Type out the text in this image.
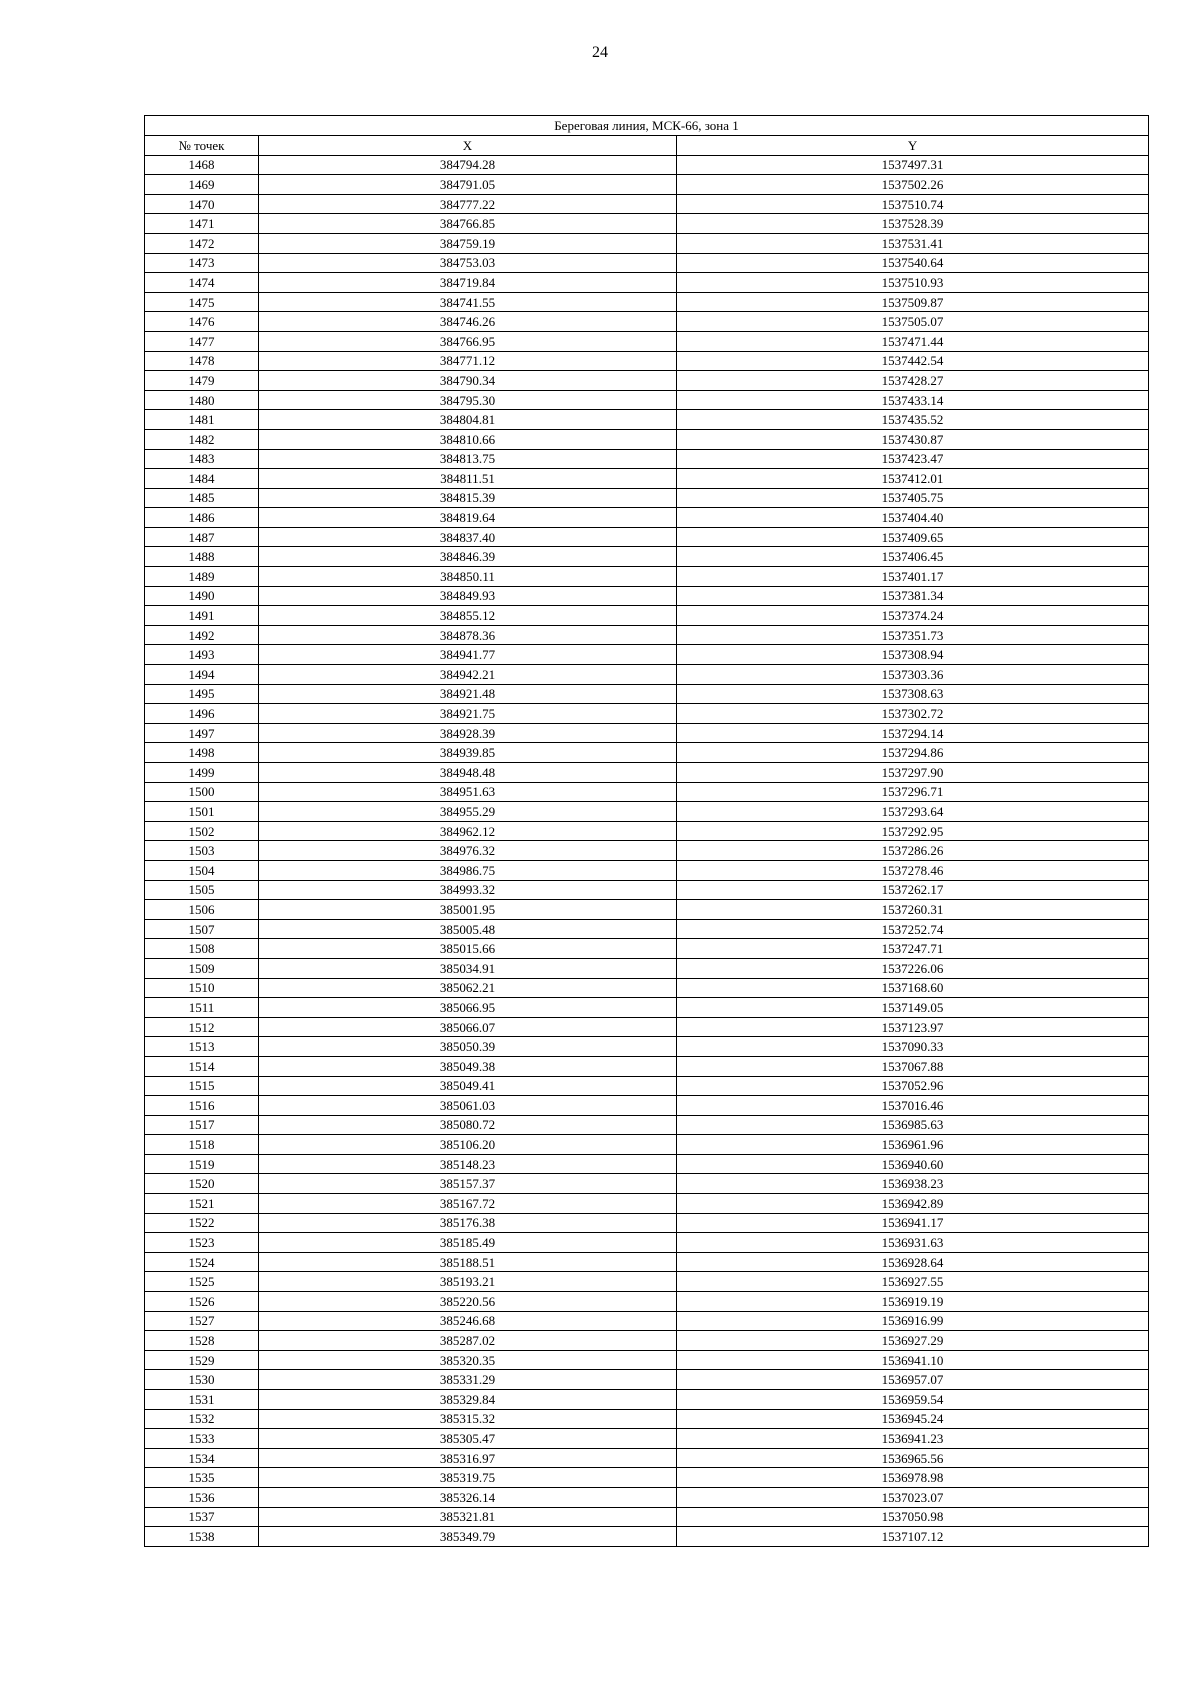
24
Береговая линия, МСК-66, зона 1		
№ точек	X	Y
1468	384794.28	1537497.31
1469	384791.05	1537502.26
1470	384777.22	1537510.74
1471	384766.85	1537528.39
1472	384759.19	1537531.41
1473	384753.03	1537540.64
1474	384719.84	1537510.93
1475	384741.55	1537509.87
1476	384746.26	1537505.07
1477	384766.95	1537471.44
1478	384771.12	1537442.54
1479	384790.34	1537428.27
1480	384795.30	1537433.14
1481	384804.81	1537435.52
1482	384810.66	1537430.87
1483	384813.75	1537423.47
1484	384811.51	1537412.01
1485	384815.39	1537405.75
1486	384819.64	1537404.40
1487	384837.40	1537409.65
1488	384846.39	1537406.45
1489	384850.11	1537401.17
1490	384849.93	1537381.34
1491	384855.12	1537374.24
1492	384878.36	1537351.73
1493	384941.77	1537308.94
1494	384942.21	1537303.36
1495	384921.48	1537308.63
1496	384921.75	1537302.72
1497	384928.39	1537294.14
1498	384939.85	1537294.86
1499	384948.48	1537297.90
1500	384951.63	1537296.71
1501	384955.29	1537293.64
1502	384962.12	1537292.95
1503	384976.32	1537286.26
1504	384986.75	1537278.46
1505	384993.32	1537262.17
1506	385001.95	1537260.31
1507	385005.48	1537252.74
1508	385015.66	1537247.71
1509	385034.91	1537226.06
1510	385062.21	1537168.60
1511	385066.95	1537149.05
1512	385066.07	1537123.97
1513	385050.39	1537090.33
1514	385049.38	1537067.88
1515	385049.41	1537052.96
1516	385061.03	1537016.46
1517	385080.72	1536985.63
1518	385106.20	1536961.96
1519	385148.23	1536940.60
1520	385157.37	1536938.23
1521	385167.72	1536942.89
1522	385176.38	1536941.17
1523	385185.49	1536931.63
1524	385188.51	1536928.64
1525	385193.21	1536927.55
1526	385220.56	1536919.19
1527	385246.68	1536916.99
1528	385287.02	1536927.29
1529	385320.35	1536941.10
1530	385331.29	1536957.07
1531	385329.84	1536959.54
1532	385315.32	1536945.24
1533	385305.47	1536941.23
1534	385316.97	1536965.56
1535	385319.75	1536978.98
1536	385326.14	1537023.07
1537	385321.81	1537050.98
1538	385349.79	1537107.12
